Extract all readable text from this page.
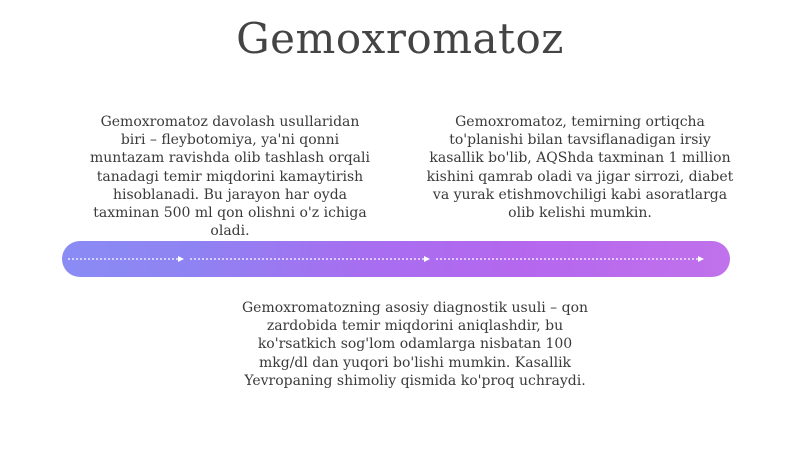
Gemoxromatoz
Gemoxromatoz davolash usullaridan
biri – fleybotomiya, ya'ni qonni
muntazam ravishda olib tashlash orqali
tanadagi temir miqdorini kamaytirish
hisoblanadi. Bu jarayon har oyda
taxminan 500 ml qon olishni o'z ichiga
oladi.
Gemoxromatoz, temirning ortiqcha
to'planishi bilan tavsiflanadigan irsiy
kasallik bo'lib, AQShda taxminan 1 million
kishini qamrab oladi va jigar sirrozi, diabet
va yurak etishmovchiligi kabi asoratlarga
olib kelishi mumkin.
Gemoxromatozning asosiy diagnostik usuli – qon
zardobida temir miqdorini aniqlashdir, bu
ko'rsatkich sog'lom odamlarga nisbatan 100
mkg/dl dan yuqori bo'lishi mumkin. Kasallik
Yevropaning shimoliy qismida ko'proq uchraydi.
